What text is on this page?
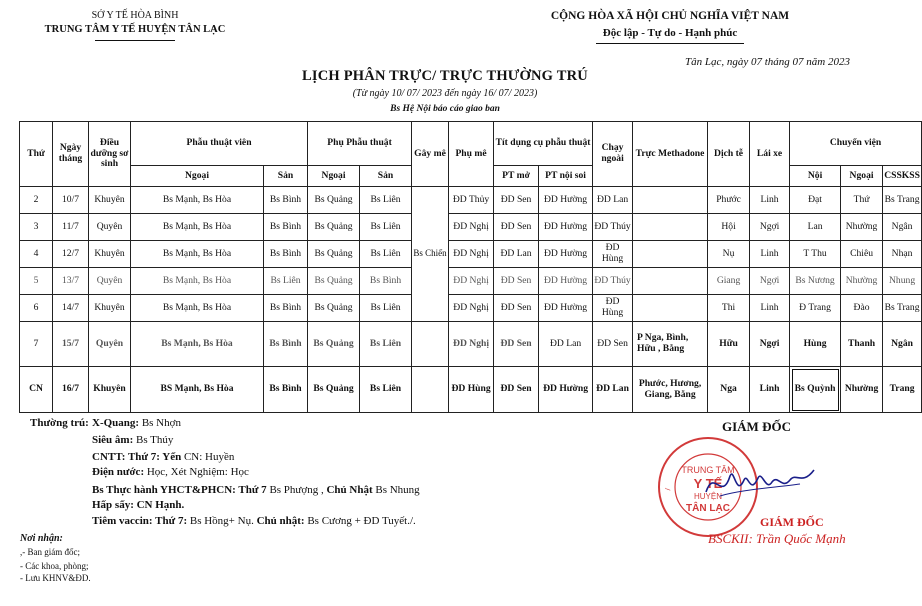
SỞ Y TẾ HÒA BÌNH
TRUNG TÂM Y TẾ HUYỆN TÂN LẠC
CỘNG HÒA XÃ HỘI CHỦ NGHĨA VIỆT NAM
Độc lập - Tự do - Hạnh phúc
Tân Lạc, ngày 07 tháng 07 năm 2023
LỊCH PHÂN TRỰC/ TRỰC THƯỜNG TRÚ
(Từ ngày 10/ 07/ 2023 đến ngày 16/ 07/ 2023)
Bs Hệ Nội báo cáo giao ban
Thứ	Ngày tháng	Điều dưỡng sơ sinh	Phẫu thuật viên		Phụ Phẫu thuật		Gây mê	Phụ mê	Tít dụng cụ phẫu thuật		Chạy ngoài	Trực Methadone	Dịch tễ	Lái xe	Chuyển viện		
			Ngoại	Sản	Ngoại	Sản			PT mở	PT nội soi					Nội	Ngoại	CSSKSS
2	10/7	Khuyên	Bs Mạnh, Bs Hòa	Bs Bình	Bs Quảng	Bs Liên	Bs Chiến	ĐD Thủy	ĐD Sen	ĐD Hường	ĐD Lan		Phước	Linh	Đạt	Thứ	Bs Trang
3	11/7	Quyên	Bs Mạnh, Bs Hòa	Bs Bình	Bs Quảng	Bs Liên		ĐD Nghị	ĐD Sen	ĐD Hường	ĐD Thúy		Hội	Ngợi	Lan	Nhường	Ngân
4	12/7	Khuyên	Bs Mạnh, Bs Hòa	Bs Bình	Bs Quảng	Bs Liên		ĐD Nghị	ĐD Lan	ĐD Hường	ĐD Hùng		Nụ	Linh	T Thu	Chiêu	Nhạn
5	13/7	Quyên	Bs Mạnh, Bs Hòa	Bs Liên	Bs Quảng	Bs Bình		ĐD Nghị	ĐD Sen	ĐD Hường	ĐD Thúy		Giang	Ngợi	Bs Nương	Nhường	Nhung
6	14/7	Khuyên	Bs Mạnh, Bs Hòa	Bs Bình	Bs Quảng	Bs Liên		ĐD Nghị	ĐD Sen	ĐD Hường	ĐD Hùng		Thi	Linh	Đ Trang	Đào	Bs Trang
7	15/7	Quyên	Bs Mạnh, Bs Hòa	Bs Bình	Bs Quảng	Bs Liên		ĐD Nghị	ĐD Sen	ĐD Lan	ĐD Sen	P Nga, Bình, Hữu , Bằng	Hữu	Ngợi	Hùng	Thanh	Ngân
CN	16/7	Khuyên	BS Mạnh, Bs Hòa	Bs Bình	Bs Quảng	Bs Liên		ĐD Hùng	ĐD Sen	ĐD Hường	ĐD Lan	Phước, Hương, Giang, Bằng	Nga	Linh	Bs Quỳnh	Nhường	Trang
Thường trú: X-Quang: Bs Nhợn
Siêu âm: Bs Thúy
CNTT: Thứ 7: Yến CN: Huyền
Điện nước: Học, Xét Nghiệm: Học
Bs Thực hành YHCT&PHCN: Thứ 7 Bs Phượng , Chủ Nhật Bs Nhung
Hấp sấy: CN Hạnh.
Tiêm vaccin: Thứ 7: Bs Hồng+ Nụ. Chủ nhật: Bs Cương + ĐD Tuyết./.
Nơi nhận:
,- Ban giám đốc;
- Các khoa, phòng;
- Lưu KHNV&ĐD.
GIÁM ĐỐC
TRUNG TÂM
Y TẾ
HUYỆN
TÂN LẠC
Ỉ
GIÁM ĐỐC
BSCKII: Trần Quốc Mạnh
